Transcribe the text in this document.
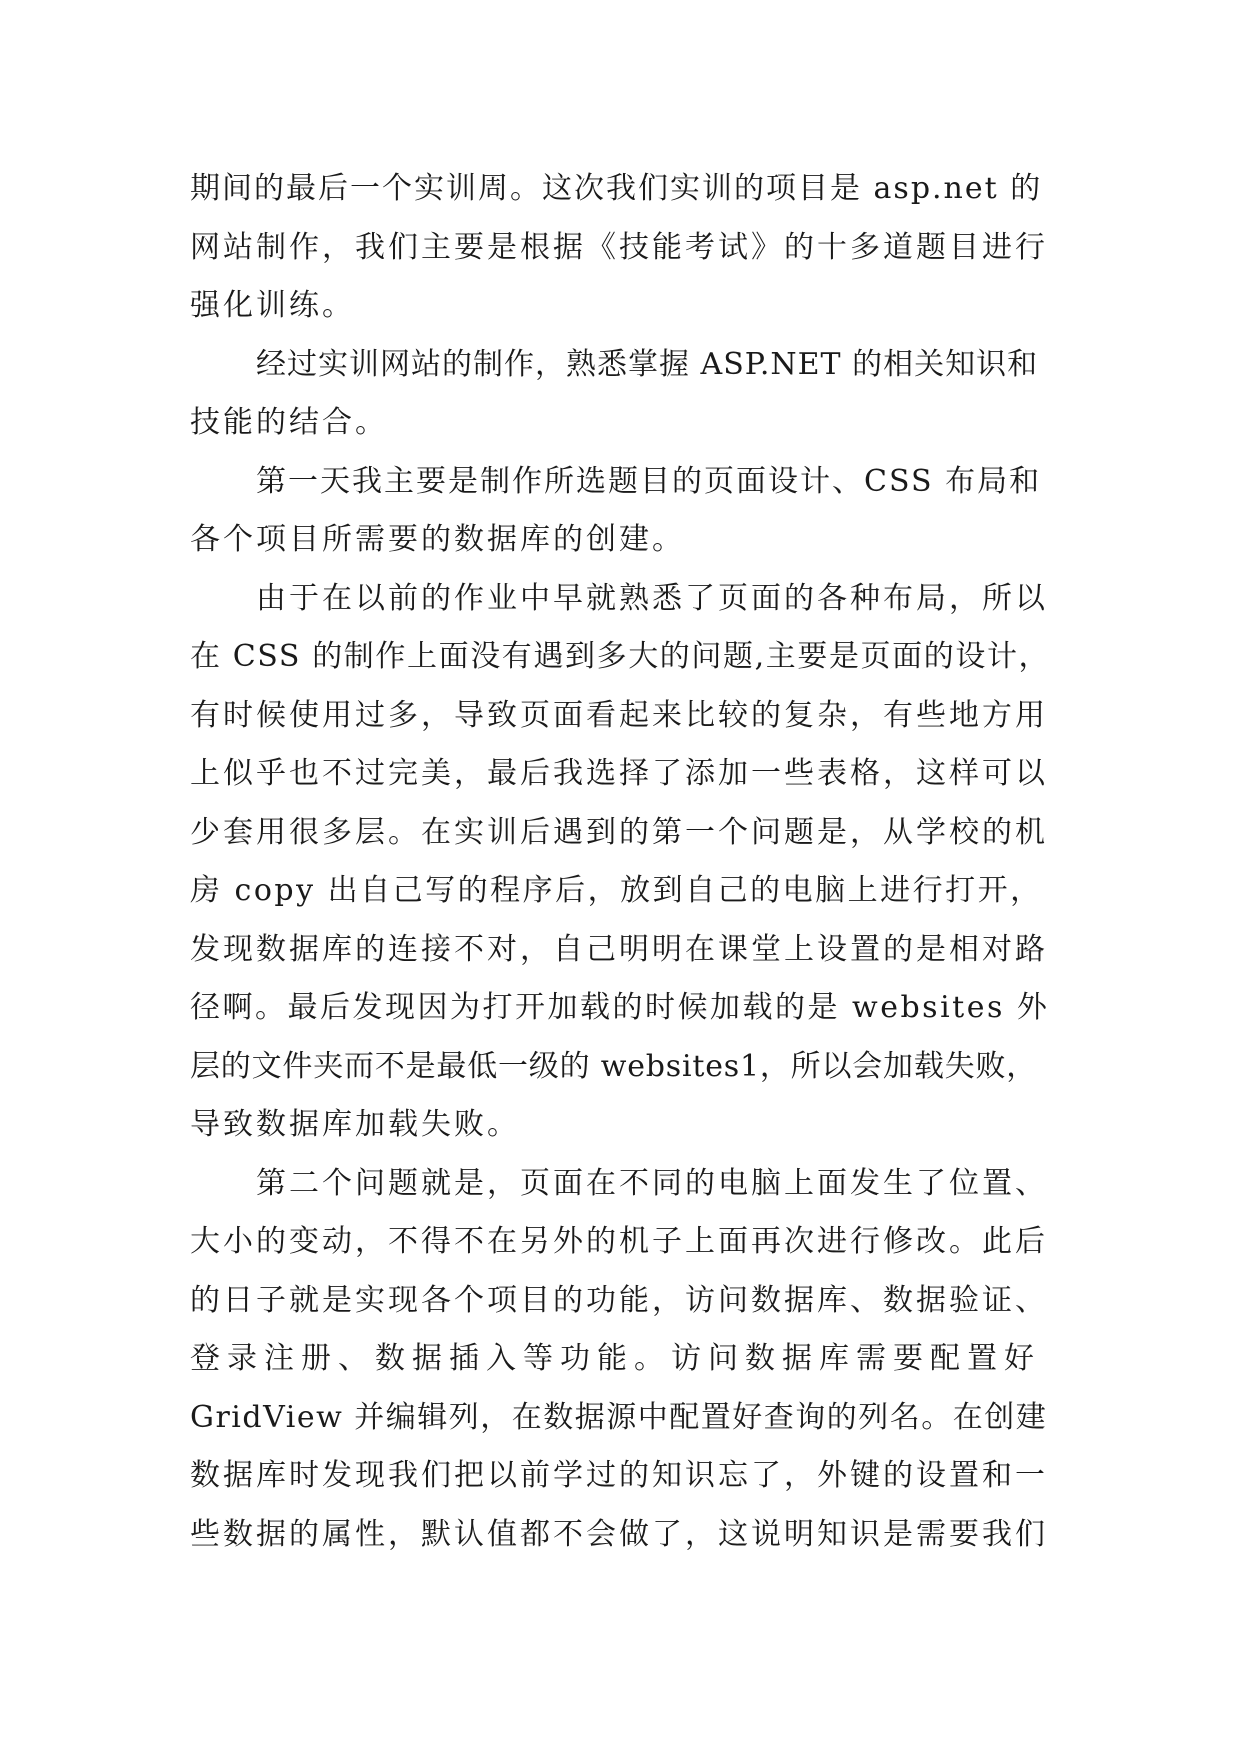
期间的最后一个实训周。这次我们实训的项目是 asp.net 的
网站制作，我们主要是根据《技能考试》的十多道题目进行
强化训练。
经过实训网站的制作，熟悉掌握 ASP.NET 的相关知识和
技能的结合。
第一天我主要是制作所选题目的页面设计、CSS 布局和
各个项目所需要的数据库的创建。
由于在以前的作业中早就熟悉了页面的各种布局，所以
在 CSS 的制作上面没有遇到多大的问题,主要是页面的设计，
有时候使用过多，导致页面看起来比较的复杂，有些地方用
上似乎也不过完美，最后我选择了添加一些表格，这样可以
少套用很多层。在实训后遇到的第一个问题是，从学校的机
房 copy 出自己写的程序后，放到自己的电脑上进行打开，
发现数据库的连接不对，自己明明在课堂上设置的是相对路
径啊。最后发现因为打开加载的时候加载的是 websites 外
层的文件夹而不是最低一级的 websites1，所以会加载失败，
导致数据库加载失败。
第二个问题就是，页面在不同的电脑上面发生了位置、
大小的变动，不得不在另外的机子上面再次进行修改。此后
的日子就是实现各个项目的功能，访问数据库、数据验证、
登录注册、数据插入等功能。访问数据库需要配置好
GridView 并编辑列，在数据源中配置好查询的列名。在创建
数据库时发现我们把以前学过的知识忘了，外键的设置和一
些数据的属性，默认值都不会做了，这说明知识是需要我们
